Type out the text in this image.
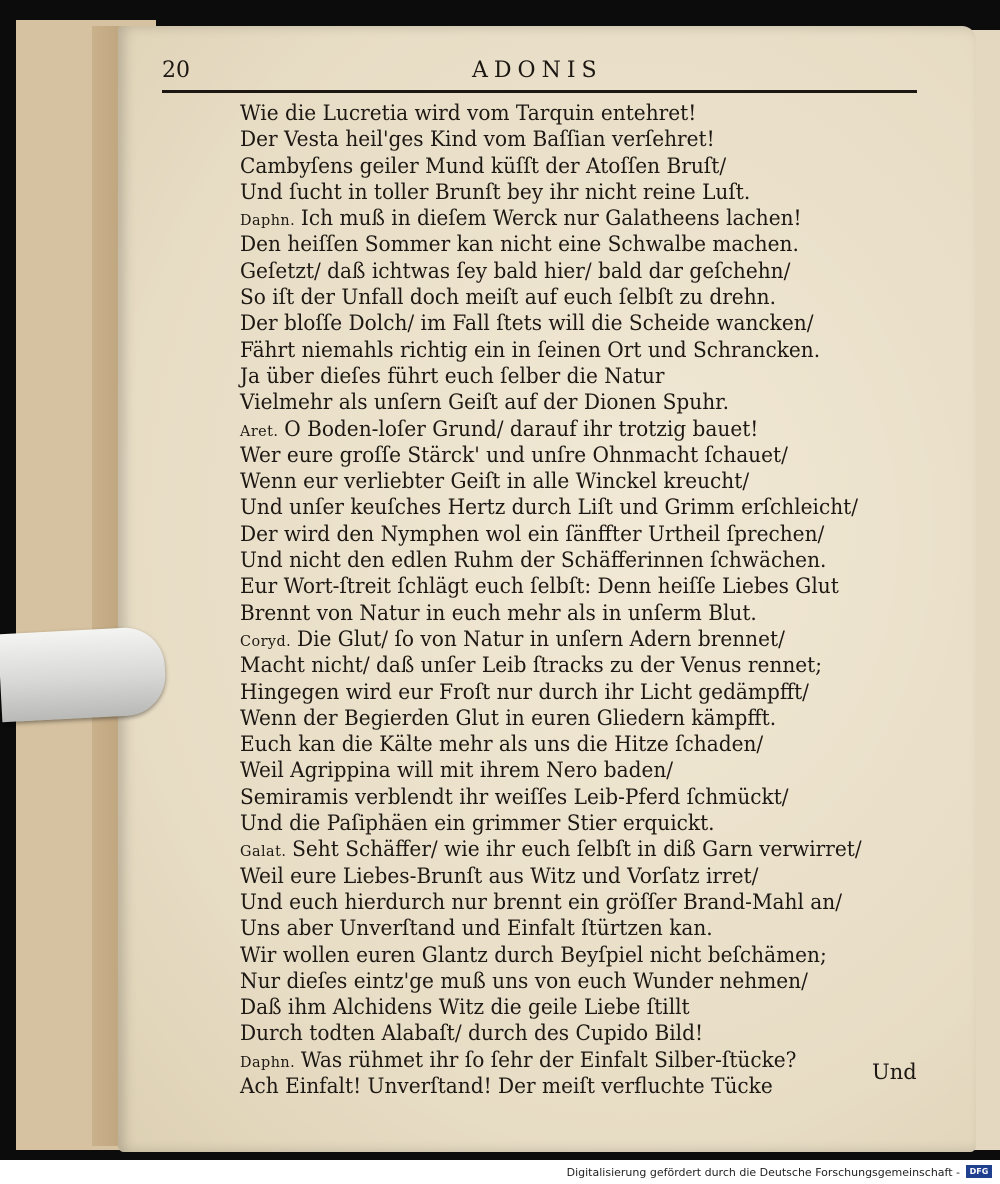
20	ADONIS
Wie die Lucretia wird vom Tarquin entehret!
Der Vesta heil'ges Kind vom Baſſian verſehret!
Cambyſens geiler Mund küſſt der Atoſſen Bruſt/
Und ſucht in toller Brunſt bey ihr nicht reine Luſt.
Daphn. Ich muß in dieſem Werck nur Galatheens lachen!
Den heiſſen Sommer kan nicht eine Schwalbe machen.
Geſetzt/ daß ichtwas ſey bald hier/ bald dar geſchehn/
So iſt der Unfall doch meiſt auf euch ſelbſt zu drehn.
Der bloſſe Dolch/ im Fall ſtets will die Scheide wancken/
Fährt niemahls richtig ein in ſeinen Ort und Schrancken.
Ja über dieſes führt euch ſelber die Natur
Vielmehr als unſern Geiſt auf der Dionen Spuhr.
Aret. O Boden-loſer Grund/ darauf ihr trotzig bauet!
Wer eure groſſe Stärck' und unſre Ohnmacht ſchauet/
Wenn eur verliebter Geiſt in alle Winckel kreucht/
Und unſer keuſches Hertz durch Liſt und Grimm erſchleicht/
Der wird den Nymphen wol ein ſänffter Urtheil ſprechen/
Und nicht den edlen Ruhm der Schäfferinnen ſchwächen.
Eur Wort-ſtreit ſchlägt euch ſelbſt: Denn heiſſe Liebes Glut
Brennt von Natur in euch mehr als in unſerm Blut.
Coryd. Die Glut/ ſo von Natur in unſern Adern brennet/
Macht nicht/ daß unſer Leib ſtracks zu der Venus rennet;
Hingegen wird eur Froſt nur durch ihr Licht gedämpfft/
Wenn der Begierden Glut in euren Gliedern kämpfft.
Euch kan die Kälte mehr als uns die Hitze ſchaden/
Weil Agrippina will mit ihrem Nero baden/
Semiramis verblendt ihr weiſſes Leib-Pferd ſchmückt/
Und die Paſiphäen ein grimmer Stier erquickt.
Galat. Seht Schäffer/ wie ihr euch ſelbſt in diß Garn verwirret/
Weil eure Liebes-Brunſt aus Witz und Vorſatz irret/
Und euch hierdurch nur brennt ein gröſſer Brand-Mahl an/
Uns aber Unverſtand und Einfalt ſtürtzen kan.
Wir wollen euren Glantz durch Beyſpiel nicht beſchämen;
Nur dieſes eintz'ge muß uns von euch Wunder nehmen/
Daß ihm Alchidens Witz die geile Liebe ſtillt
Durch todten Alabaſt/ durch des Cupido Bild!
Daphn. Was rühmet ihr ſo ſehr der Einfalt Silber-ſtücke?
Ach Einfalt! Unverſtand! Der meiſt verfluchte Tücke
Und
Digitalisierung gefördert durch die Deutsche Forschungsgemeinschaft -	DFG
